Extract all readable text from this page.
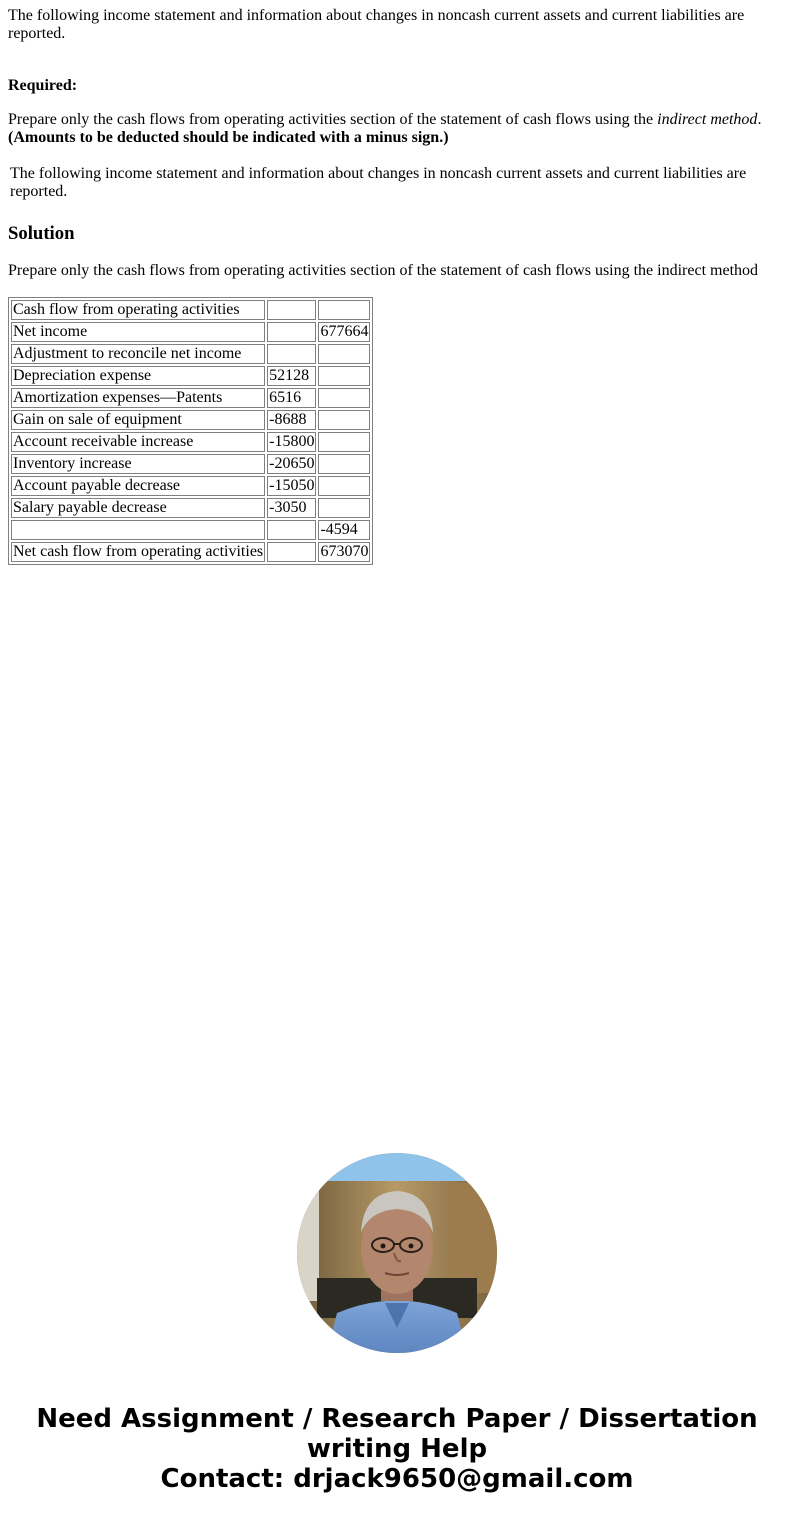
The following income statement and information about changes in noncash current assets and current liabilities are reported.

Required:

Prepare only the cash flows from operating activities section of the statement of cash flows using the indirect method.
(Amounts to be deducted should be indicated with a minus sign.)

The following income statement and information about changes in noncash current assets and current liabilities are reported.

Solution

Prepare only the cash flows from operating activities section of the statement of cash flows using the indirect method

Cash flow from operating activities		
Net income		677664
Adjustment to reconcile net income		
Depreciation expense	52128	
Amortization expenses—Patents	6516	
Gain on sale of equipment	-8688	
Account receivable increase	-15800	
Inventory increase	-20650	
Account payable decrease	-15050	
Salary payable decrease	-3050	
		-4594
Net cash flow from operating activities		673070

Need Assignment / Research Paper / Dissertation
writing Help
Contact: drjack9650@gmail.com
